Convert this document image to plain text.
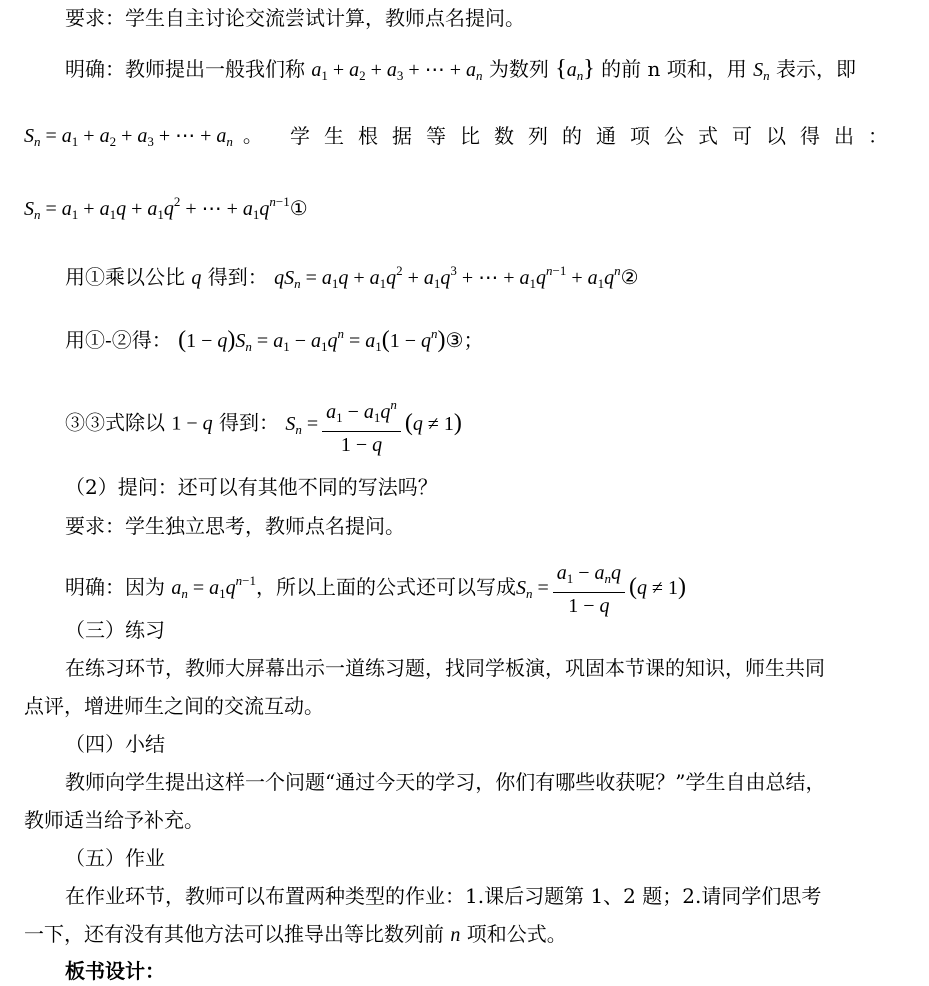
要求：学生自主讨论交流尝试计算，教师点名提问。
明确：教师提出一般我们称 $a_1 + a_2 + a_3$ + ⋯ + $a_n$ 为数列 $\{a_n\}$ 的前 n 项和，用 $S_n$ 表示，即
$S_n = a_1 + a_2 + a_3$ + ⋯ + $a_n$  。 学生根据等比数列的通项公式可以得出：
$S_n = a_1 + a_1q + a_1q^2$ + ⋯ + $a_1q^{n-1}①$
用①乘以公比 q 得到： $qS_n = a_1q + a_1q^2 + a_1q^3$ + ⋯ + $a_1q^{n-1}$ + $a_1q^n②$
用①-②得： $(1 - q)S_n = a_1 - a_1q^n = a_1(1$ − $q^n)③$；
③③式除以 1 − q 得到： $S_n = \frac{a_1 - a_1q^n}{1 - q} (q \ne 1)$
（2）提问：还可以有其他不同的写法吗？
要求：学生独立思考，教师点名提问。
明确：因为 $a_n = a_1q^{n-1}$，所以上面的公式还可以写成$S_n = \frac{a_1 - a_nq}{1 - q} (q \ne 1)$
（三）练习
在练习环节，教师大屏幕出示一道练习题，找同学板演，巩固本节课的知识，师生共同
点评，增进师生之间的交流互动。
（四）小结
教师向学生提出这样一个问题“通过今天的学习，你们有哪些收获呢？”学生自由总结，
教师适当给予补充。
（五）作业
在作业环节，教师可以布置两种类型的作业：1.课后习题第 1、2 题；2.请同学们思考
一下，还有没有其他方法可以推导出等比数列前 n 项和公式。
板书设计：
